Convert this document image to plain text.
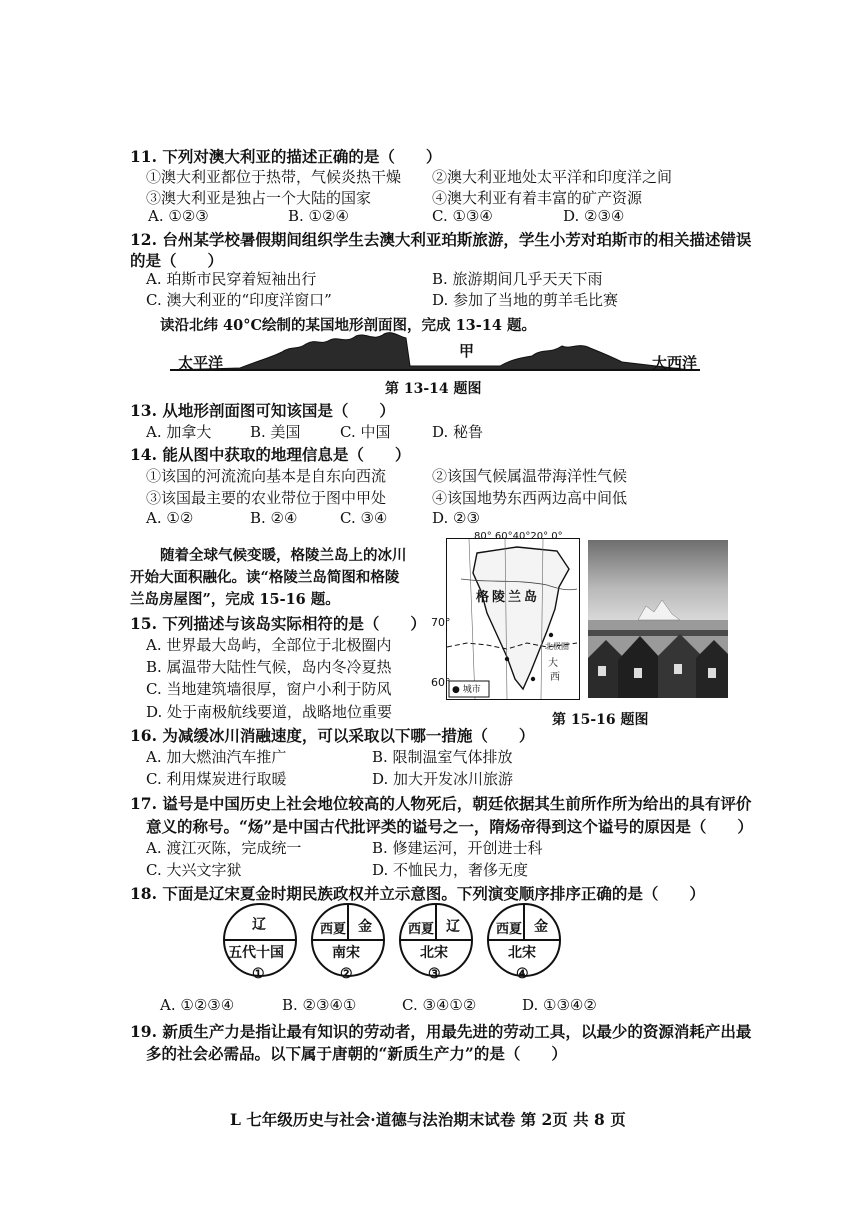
11. 下列对澳大利亚的描述正确的是（　　）
①澳大利亚都位于热带，气候炎热干燥 ②澳大利亚地处太平洋和印度洋之间
③澳大利亚是独占一个大陆的国家	④澳大利亚有着丰富的矿产资源
A. ①②③	B. ①②④	C. ①③④	D. ②③④
12. 台州某学校暑假期间组织学生去澳大利亚珀斯旅游，学生小芳对珀斯市的相关描述错误
的是（　　）
A. 珀斯市民穿着短袖出行	B. 旅游期间几乎天天下雨
C. 澳大利亚的“印度洋窗口”	D. 参加了当地的剪羊毛比赛
读沿北纬 40°C绘制的某国地形剖面图，完成 13-14 题。
太平洋
甲
大西洋
第 13-14 题图
13. 从地形剖面图可知该国是（　　）
A. 加拿大	B. 美国	C. 中国	D. 秘鲁
14. 能从图中获取的地理信息是（　　）
①该国的河流流向基本是自东向西流	②该国气候属温带海洋性气候
③该国最主要的农业带位于图中甲处	④该国地势东西两边高中间低
A. ①②	B. ②④	C. ③④	D. ②③
随着全球气候变暖，格陵兰岛上的冰川
开始大面积融化。读“格陵兰岛简图和格陵
兰岛房屋图”，完成 15-16 题。
80° 60°40°20° 0°
格陵兰岛
70°
60°
北极圈
大
西
● 城市
第 15-16 题图
15. 下列描述与该岛实际相符的是（　　）
A. 世界最大岛屿，全部位于北极圈内
B. 属温带大陆性气候，岛内冬冷夏热
C. 当地建筑墙很厚，窗户小利于防风
D. 处于南极航线要道，战略地位重要
16. 为减缓冰川消融速度，可以采取以下哪一措施（　　）
A. 加大燃油汽车推广	B. 限制温室气体排放
C. 利用煤炭进行取暖	D. 加大开发冰川旅游
17. 谥号是中国历史上社会地位较高的人物死后，朝廷依据其生前所作所为给出的具有评价
意义的称号。“炀”是中国古代批评类的谥号之一，隋炀帝得到这个谥号的原因是（　　）
A. 渡江灭陈，完成统一	B. 修建运河，开创进士科
C. 大兴文字狱	D. 不恤民力，奢侈无度
18. 下面是辽宋夏金时期民族政权并立示意图。下列演变顺序排序正确的是（　　）
辽
五代十国
①
西夏 金
南宋
②
西夏 辽
北宋
③
西夏 金
北宋
④
A. ①②③④	B. ②③④①	C. ③④①②	D. ①③④②
19. 新质生产力是指让最有知识的劳动者，用最先进的劳动工具，以最少的资源消耗产出最
多的社会必需品。以下属于唐朝的“新质生产力”的是（　　）
L 七年级历史与社会·道德与法治期末试卷 第 2页 共 8 页
